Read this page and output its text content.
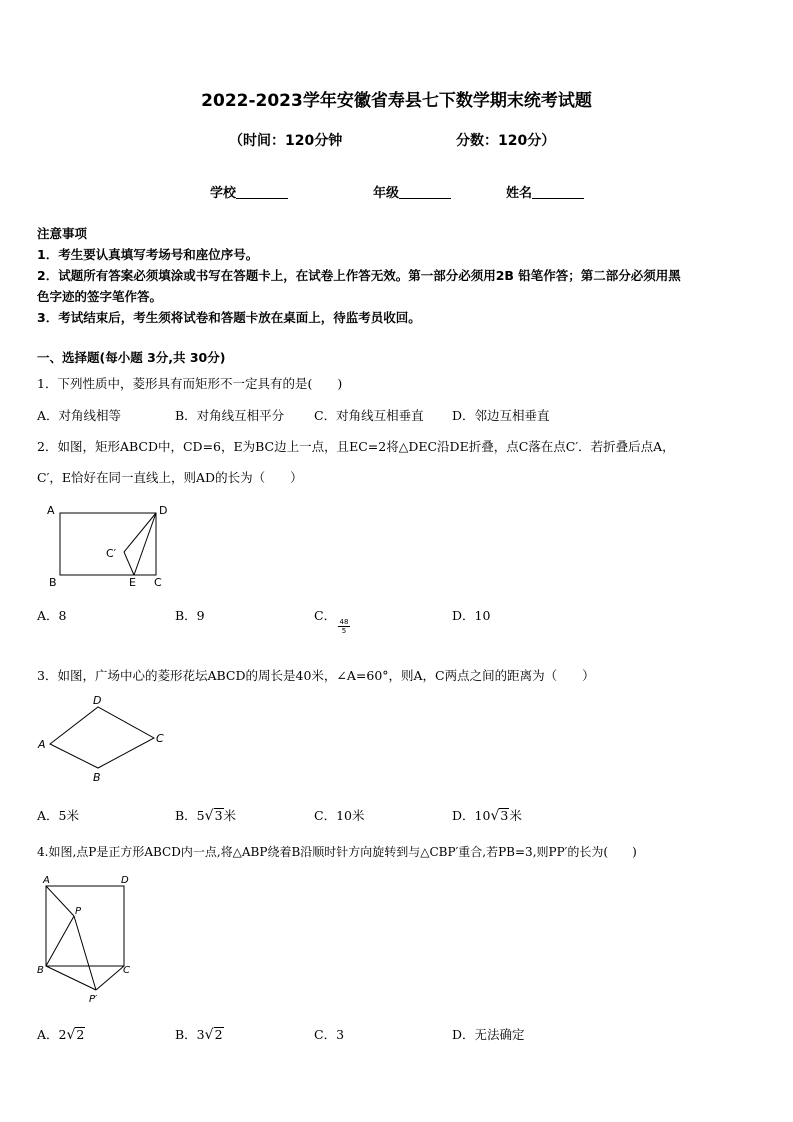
2022-2023学年安徽省寿县七下数学期末统考试题
（时间：120分钟	分数：120分）
学校	年级	姓名
注意事项
1．考生要认真填写考场号和座位序号。
2．试题所有答案必须填涂或书写在答题卡上，在试卷上作答无效。第一部分必须用2B 铅笔作答；第二部分必须用黑
色字迹的签字笔作答。
3．考试结束后，考生须将试卷和答题卡放在桌面上，待监考员收回。
一、选择题(每小题 3分,共 30分)
1．下列性质中，菱形具有而矩形不一定具有的是(　　)
A．对角线相等	B．对角线互相平分 C．对角线互相垂直 D．邻边互相垂直
2．如图，矩形ABCD中，CD=6，E为BC边上一点，且EC=2将△DEC沿DE折叠，点C落在点C′．若折叠后点A，
C′，E恰好在同一直线上，则AD的长为（　　）
A	D
B	C
E
C′
A．8	B．9	C．
$\frac{48}{5}$
D．10
3．如图，广场中心的菱形花坛ABCD的周长是40米，∠A=60°，则A，C两点之间的距离为（　　）
A
D
C
B
A．5米	B．5√3米	C．10米	D．10√3米
4.如图,点P是正方形ABCD内一点,将△ABP绕着B沿顺时针方向旋转到与△CBP′重合,若PB=3,则PP′的长为(　　)
A	D
B	C
P
P′
A．2√2	B．3√2	C．3	D．无法确定
